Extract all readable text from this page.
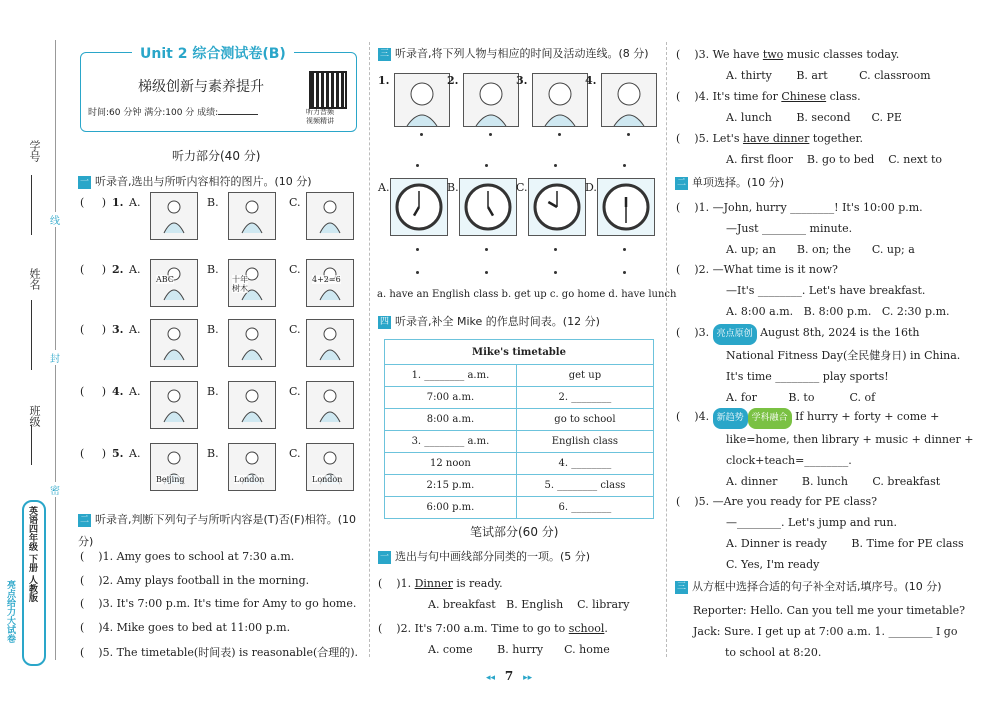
学号
线
姓名
封
班级
密
英语四年级 下册 人教版
亮点给力大试卷
Unit 2 综合测试卷(B)
梯级创新与素养提升
时间:60 分钟 满分:100 分 成绩:	听力音频
视频精讲
听力部分(40 分)
一 听录音,选出与所听内容相符的图片。(10 分)
(     ) 1. A.	B.	C.
(     ) 2. A.
ABC
B.
十年
树木
C.
4+2=6
(     ) 3. A.	B.	C.
(     ) 4. A.	B.	C.
(     ) 5. A.
Beijing
B.
London
C.
London
二 听录音,判断下列句子与所听内容是(T)否(F)相符。(10 分)
(    )1. Amy goes to school at 7:30 a.m.
(    )2. Amy plays football in the morning.
(    )3. It's 7:00 p.m. It's time for Amy to go home.
(    )4. Mike goes to bed at 11:00 p.m.
(    )5. The timetable(时间表) is reasonable(合理的).
三 听录音,将下列人物与相应的时间及活动连线。(8 分)
1.	2.	3.	4.
A.	B.	C.	D.
a. have an English class b. get up c. go home d. have lunch
四 听录音,补全 Mike 的作息时间表。(12 分)
Mike's timetable	
1. ________ a.m.	get up
7:00 a.m.	2. ________
8:00 a.m.	go to school
3. ________ a.m.	English class
12 noon	4. ________
2:15 p.m.	5. ________ class
6:00 p.m.	6. ________
笔试部分(60 分)
一 选出与句中画线部分同类的一项。(5 分)
(    )1. Dinner is ready.
A. breakfast   B. English    C. library
(    )2. It's 7:00 a.m. Time to go to school.
A. come       B. hurry      C. home
(    )3. We have two music classes today.
A. thirty       B. art         C. classroom
(    )4. It's time for Chinese class.
A. lunch       B. second      C. PE
(    )5. Let's have dinner together.
A. first floor    B. go to bed    C. next to
二 单项选择。(10 分)
(    )1. —John, hurry ________! It's 10:00 p.m.
—Just ________ minute.
A. up; an      B. on; the      C. up; a
(    )2. —What time is it now?
—It's ________. Let's have breakfast.
A. 8:00 a.m.   B. 8:00 p.m.   C. 2:30 p.m.
(    )3. 亮点原创 August 8th, 2024 is the 16th
National Fitness Day(全民健身日) in China.
It's time ________ play sports!
A. for         B. to          C. of
(    )4. 新趋势 学科融合 If hurry + forty + come +
like=home, then library + music + dinner +
clock+teach=________.
A. dinner       B. lunch       C. breakfast
(    )5. —Are you ready for PE class?
—________. Let's jump and run.
A. Dinner is ready       B. Time for PE class
C. Yes, I'm ready
三 从方框中选择合适的句子补全对话,填序号。(10 分)
Reporter: Hello. Can you tell me your timetable?
Jack: Sure. I get up at 7:00 a.m. 1. ________ I go
to school at 8:20.
◂◂ 7 ▸▸
